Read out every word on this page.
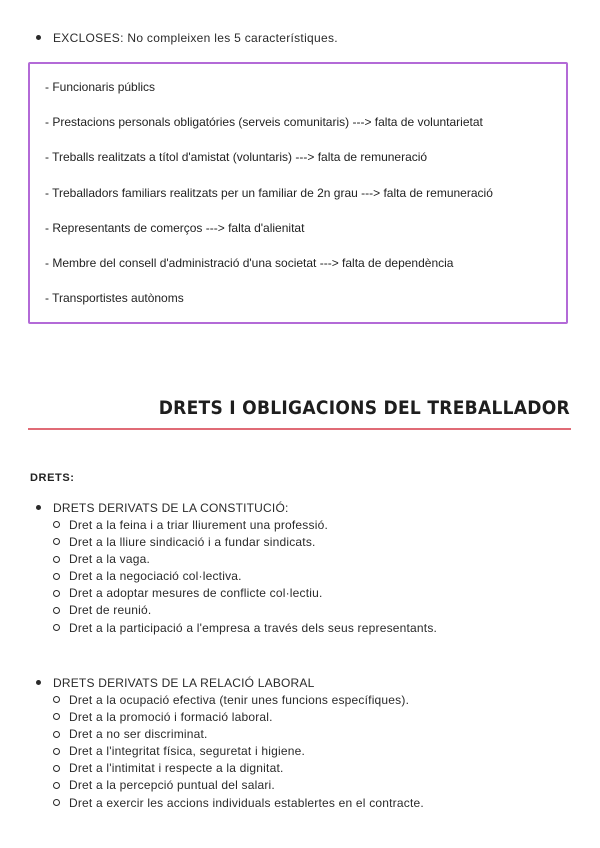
EXCLOSES: No compleixen les 5 característiques.
- Funcionaris públics
- Prestacions personals obligatóries (serveis comunitaris) ---> falta de voluntarietat
- Treballs realitzats a títol d'amistat (voluntaris) ---> falta de remuneració
- Treballadors familiars realitzats per un familiar de 2n grau ---> falta de remuneració
- Representants de comerços ---> falta d'alienitat
- Membre del consell d'administració d'una societat ---> falta de dependència
- Transportistes autònoms
DRETS I OBLIGACIONS DEL TREBALLADOR
DRETS:
DRETS DERIVATS DE LA CONSTITUCIÓ:
Dret a la feina i a triar lliurement una professió.
Dret a la lliure sindicació i a fundar sindicats.
Dret a la vaga.
Dret a la negociació col·lectiva.
Dret a adoptar mesures de conflicte col·lectiu.
Dret de reunió.
Dret a la participació a l'empresa a través dels seus representants.
DRETS DERIVATS DE LA RELACIÓ LABORAL
Dret a la ocupació efectiva (tenir unes funcions específiques).
Dret a la promoció i formació laboral.
Dret a no ser discriminat.
Dret a l'integritat física, seguretat i higiene.
Dret a l'intimitat i respecte a la dignitat.
Dret a la percepció puntual del salari.
Dret a exercir les accions individuals establertes en el contracte.
